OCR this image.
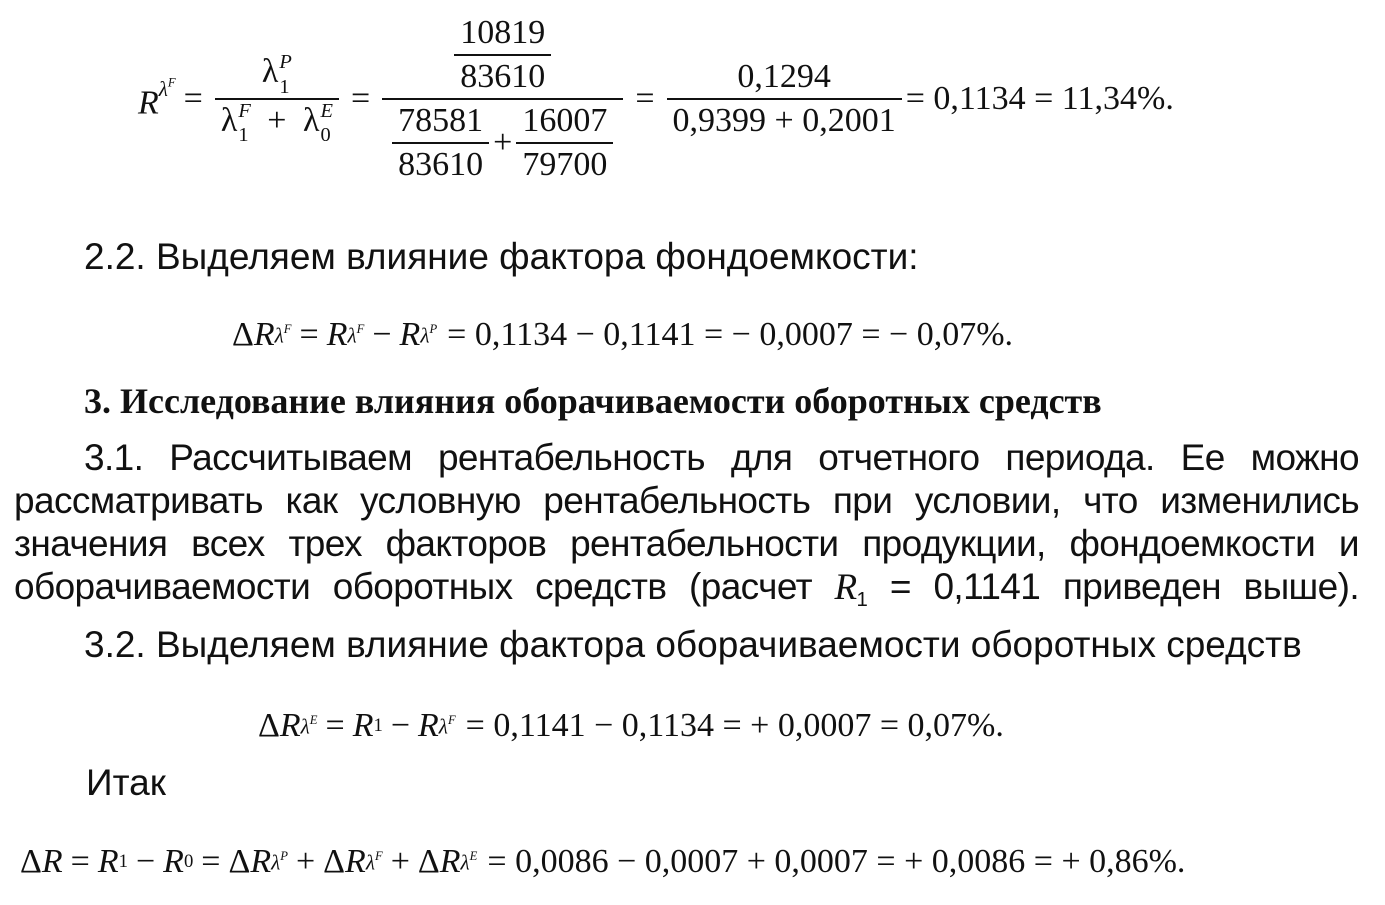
$R^{\lambda^F} = \lambda$ P
1
λ F
1 + λ E
0 =
$\frac{10819}{83610}$
$\frac{78581}{83610} + \frac{16007}{79700}$
= $\frac{0,1294}{0,9399 + 0,2001} = 0,1134 = 11,34\%$.
2.2. Выделяем влияние фактора фондоемкости:
Δ R $\lambda^F = R$ $\lambda^F - R$ $\lambda^P = 0,1134 - 0,1141$ = − 0,0007 = − 0,07%.
3. Исследование влияния оборачиваемости оборотных средств
3.1. Рассчитываем рентабельность для отчетного периода. Ее можно
рассматривать как условную рентабельность при условии, что изменились
значения всех трех факторов рентабельности продукции, фондоемкости и
оборачиваемости оборотных средств (расчет $R_1 = 0,1141$ приведен выше).
3.2. Выделяем влияние фактора оборачиваемости оборотных средств
Δ R $\lambda^E = R$ 1 − R $\lambda^F = 0,1141 - 0,1134$ = + 0,0007 = 0,07%.
Итак
Δ R = R 1 − R 0 = Δ R $\lambda^P + \Delta$ R $\lambda^F + \Delta$ R $\lambda^E = 0,0086 - 0,0007 + 0,0007$ = + 0,0086 = + 0,86%.
